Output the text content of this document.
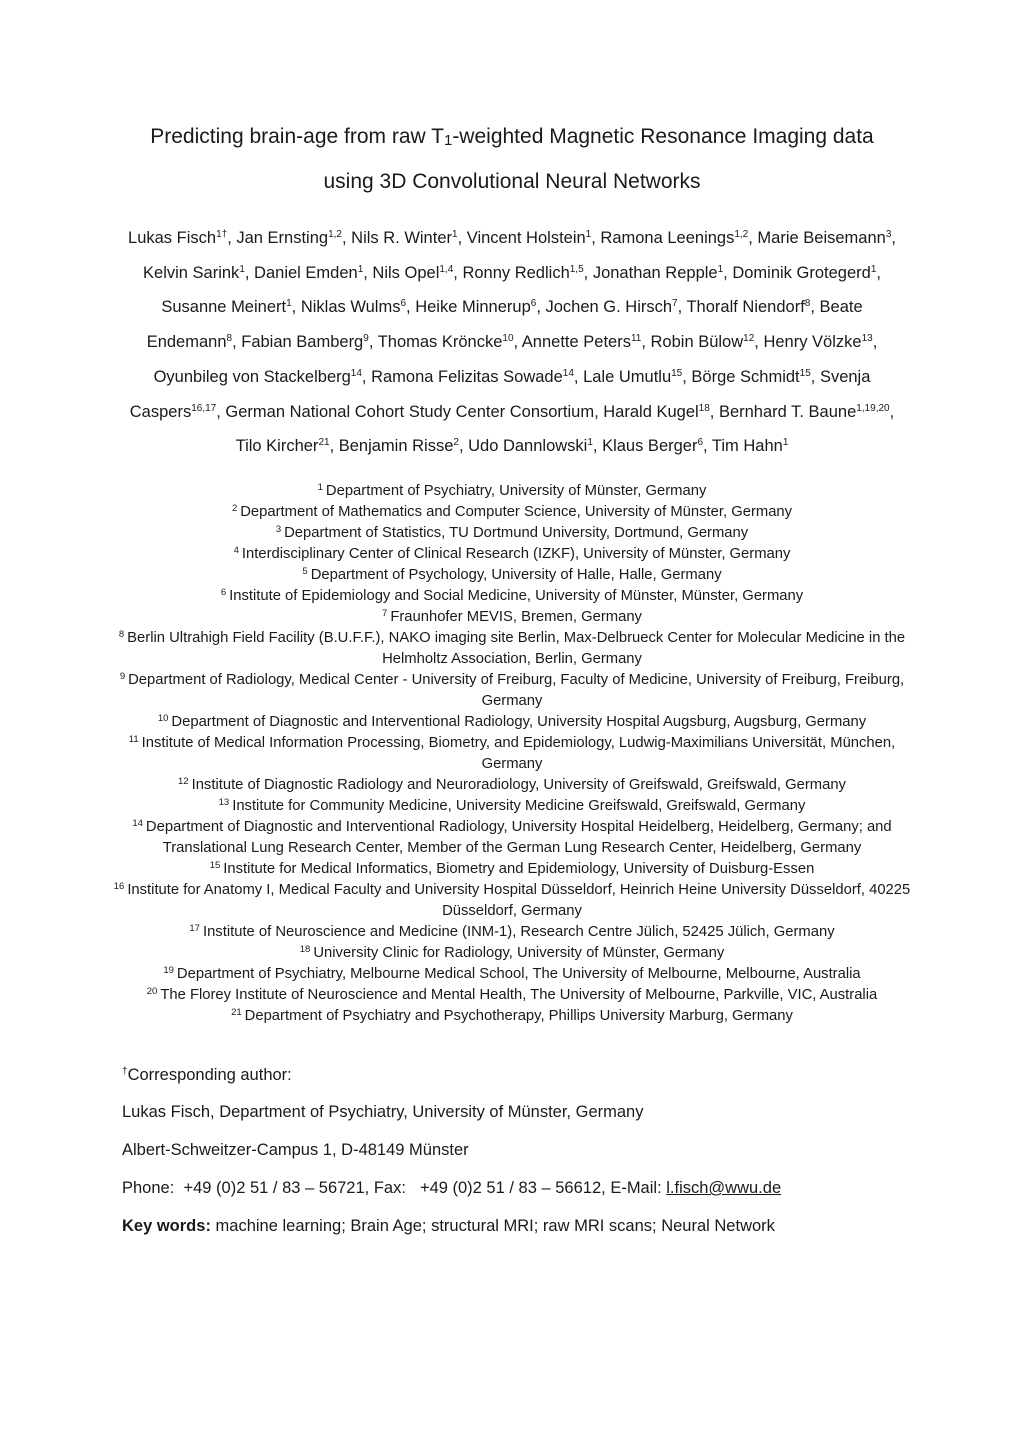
Predicting brain-age from raw T1-weighted Magnetic Resonance Imaging data
using 3D Convolutional Neural Networks

Lukas Fisch$^{1\dagger}$, Jan Ernsting$^{1,2}$, Nils R. Winter$^1$, Vincent Holstein$^1$, Ramona Leenings$^{1,2}$, Marie Beisemann$^3$, Kelvin Sarink$^1$, Daniel Emden$^1$, Nils Opel$^{1,4}$, Ronny Redlich$^{1,5}$, Jonathan Repple$^1$, Dominik Grotegerd$^1$, Susanne Meinert$^1$, Niklas Wulms$^6$, Heike Minnerup$^6$, Jochen G. Hirsch$^7$, Thoralf Niendorf$^8$, Beate Endemann$^8$, Fabian Bamberg$^9$, Thomas Kröncke$^{10}$, Annette Peters$^{11}$, Robin Bülow$^{12}$, Henry Völzke$^{13}$, Oyunbileg von Stackelberg$^{14}$, Ramona Felizitas Sowade$^{14}$, Lale Umutlu$^{15}$, Börge Schmidt$^{15}$, Svenja Caspers$^{16,17}$, German National Cohort Study Center Consortium, Harald Kugel$^{18}$, Bernhard T. Baune$^{1,19,20}$, Tilo Kircher$^{21}$, Benjamin Risse$^2$, Udo Dannlowski$^1$, Klaus Berger$^6$, Tim Hahn$^1$

$^1$ Department of Psychiatry, University of Münster, Germany
$^2$ Department of Mathematics and Computer Science, University of Münster, Germany
$^3$ Department of Statistics, TU Dortmund University, Dortmund, Germany
$^4$ Interdisciplinary Center of Clinical Research (IZKF), University of Münster, Germany
$^5$ Department of Psychology, University of Halle, Halle, Germany
$^6$ Institute of Epidemiology and Social Medicine, University of Münster, Münster, Germany
$^7$ Fraunhofer MEVIS, Bremen, Germany
$^8$ Berlin Ultrahigh Field Facility (B.U.F.F.), NAKO imaging site Berlin, Max-Delbrueck Center for Molecular Medicine in the Helmholtz Association, Berlin, Germany
$^9$ Department of Radiology, Medical Center - University of Freiburg, Faculty of Medicine, University of Freiburg, Freiburg, Germany
$^{10}$ Department of Diagnostic and Interventional Radiology, University Hospital Augsburg, Augsburg, Germany
$^{11}$ Institute of Medical Information Processing, Biometry, and Epidemiology, Ludwig-Maximilians Universität, München, Germany
$^{12}$ Institute of Diagnostic Radiology and Neuroradiology, University of Greifswald, Greifswald, Germany
$^{13}$ Institute for Community Medicine, University Medicine Greifswald, Greifswald, Germany
$^{14}$ Department of Diagnostic and Interventional Radiology, University Hospital Heidelberg, Heidelberg, Germany; and Translational Lung Research Center, Member of the German Lung Research Center, Heidelberg, Germany
$^{15}$ Institute for Medical Informatics, Biometry and Epidemiology, University of Duisburg-Essen
$^{16}$ Institute for Anatomy I, Medical Faculty and University Hospital Düsseldorf, Heinrich Heine University Düsseldorf, 40225 Düsseldorf, Germany
$^{17}$ Institute of Neuroscience and Medicine (INM-1), Research Centre Jülich, 52425 Jülich, Germany
$^{18}$ University Clinic for Radiology, University of Münster, Germany
$^{19}$ Department of Psychiatry, Melbourne Medical School, The University of Melbourne, Melbourne, Australia
$^{20}$ The Florey Institute of Neuroscience and Mental Health, The University of Melbourne, Parkville, VIC, Australia
$^{21}$ Department of Psychiatry and Psychotherapy, Phillips University Marburg, Germany
†Corresponding author:
Lukas Fisch, Department of Psychiatry, University of Münster, Germany
Albert-Schweitzer-Campus 1, D-48149 Münster
Phone: +49 (0)2 51 / 83 – 56721, Fax: +49 (0)2 51 / 83 – 56612, E-Mail: l.fisch@wwu.de
Key words: machine learning; Brain Age; structural MRI; raw MRI scans; Neural Network
